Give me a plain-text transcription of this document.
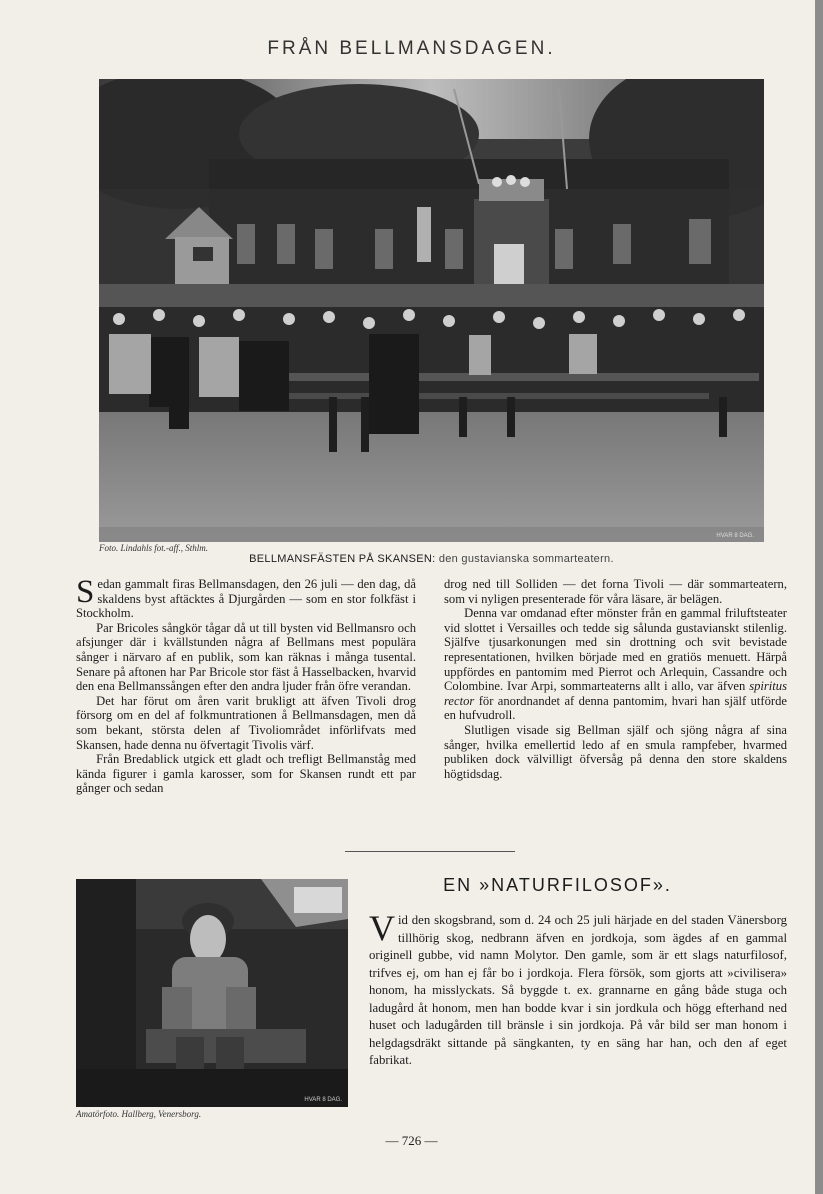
FRÅN BELLMANSDAGEN.
HVAR 8 DAG.
Foto. Lindahls fot.-aff., Sthlm.
BELLMANSFÄSTEN PÅ SKANSEN: den gustavianska sommarteatern.

Sedan gammalt firas Bellmansdagen, den 26 juli — den dag, då skaldens byst aftäcktes å Djurgården — som en stor folkfäst i Stockholm.

Par Bricoles sångkör tågar då ut till bysten vid Bellmansro och afsjunger där i kvällstunden några af Bellmans mest populära sånger i närvaro af en publik, som kan räknas i många tusental. Senare på aftonen har Par Bricole stor fäst å Hasselbacken, hvarvid den ena Bellmanssången efter den andra ljuder från öfre verandan.

Det har förut om åren varit brukligt att äfven Tivoli drog försorg om en del af folkmuntrationen å Bellmansdagen, men då som bekant, största delen af Tivoliområdet införlifvats med Skansen, hade denna nu öfvertagit Tivolis värf.

Från Bredablick utgick ett gladt och trefligt Bellmanståg med kända figurer i gamla karosser, som for Skansen rundt ett par gånger och sedan

drog ned till Solliden — det forna Tivoli — där sommarteatern, som vi nyligen presenterade för våra läsare, är belägen.

Denna var omdanad efter mönster från en gammal friluftsteater vid slottet i Versailles och tedde sig sålunda gustavianskt stilenlig. Själfve tjusarkonungen med sin drottning och svit bevistade representationen, hvilken började med en gratiös menuett. Härpå uppfördes en pantomim med Pierrot och Arlequin, Cassandre och Colombine. Ivar Arpi, sommarteaterns allt i allo, var äfven spiritus rector för anordnandet af denna pantomim, hvari han själf utförde en hufvudroll.

Slutligen visade sig Bellman själf och sjöng några af sina sånger, hvilka emellertid ledo af en smula rampfeber, hvarmed publiken dock välvilligt öfversåg på denna den store skaldens högtidsdag.

HVAR 8 DAG.
Amatörfoto. Hallberg, Venersborg.
EN »NATURFILOSOF».

Vid den skogsbrand, som d. 24 och 25 juli härjade en del staden Vänersborg tillhörig skog, nedbrann äfven en jordkoja, som ägdes af en gammal originell gubbe, vid namn Molytor. Den gamle, som är ett slags naturfilosof, trifves ej, om han ej får bo i jordkoja. Flera försök, som gjorts att »civilisera» honom, ha misslyckats. Så byggde t. ex. grannarne en gång både stuga och ladugård åt honom, men han bodde kvar i sin jordkula och högg efterhand ned huset och ladugården till bränsle i sin jordkoja. På vår bild ser man honom i helgdagsdräkt sittande på sängkanten, ty en säng har han, och den af eget fabrikat.

— 726 —
